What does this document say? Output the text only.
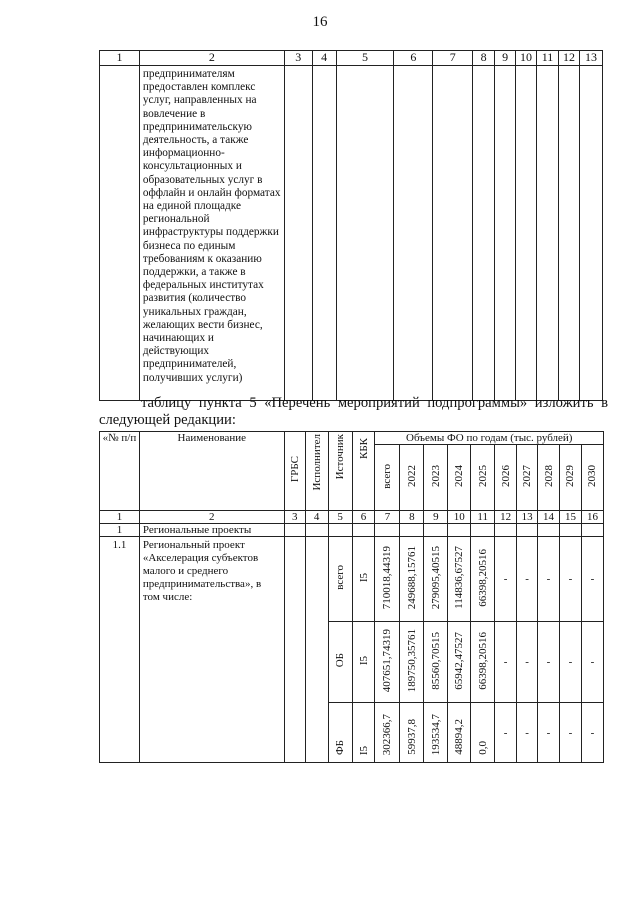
16
1	2	3	4	5	6	7	8	9	10	11	12	13
	предпринимателям предоставлен комплекс услуг, направленных на вовлечение в предпринимательскую деятельность, а также информационно-консультационных и образовательных услуг в оффлайн и онлайн форматах на единой площадке региональной инфраструктуры поддержки бизнеса по единым требованиям к оказанию поддержки, а также в федеральных институтах развития (количество уникальных граждан, желающих вести бизнес, начинающих и действующих предпринимателей, получивших услуги)											
таблицу пункта 5 «Перечень мероприятий подпрограммы» изложить в
следующей редакции:
«№ п/п	Наименование	ГРБС	Исполнител	Источник	КБК	Объемы ФО по годам (тыс. рублей)									
						всего	2022	2023	2024	2025	2026	2027	2028	2029	2030
1	2	3	4	5	6	7	8	9	10	11	12	13	14	15	16
1	Региональные проекты														
1.1	Региональный проект «Акселерация субъектов малого и среднего предпринимательства», в том числе:			всего	I5	710018,44319	249688,15761	279095,40515	114836,67527	66398,20516	-	-	-	-	-
				ОБ	I5	407651,74319	189750,35761	85560,70515	65942,47527	66398,20516	-	-	-	-	-
				ФБ	I5	302366,7	59937,8	193534,7	48894,2	0,0	-	-	-	-	-
